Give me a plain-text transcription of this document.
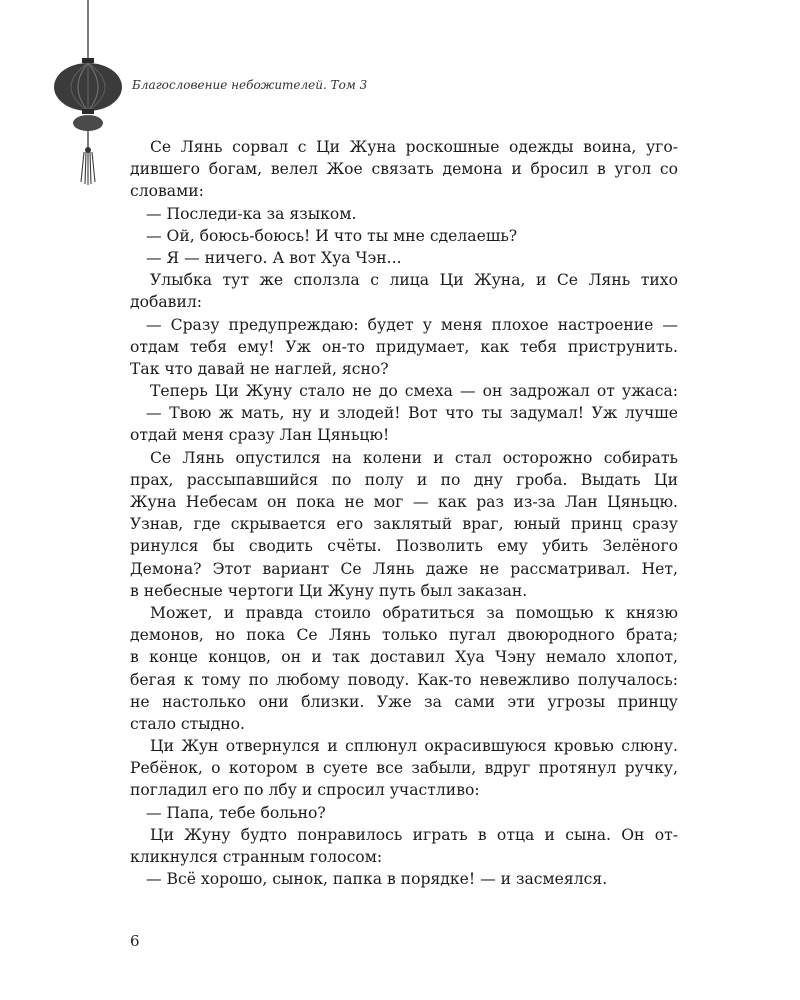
Благословение небожителей. Том 3
Се Лянь сорвал с Ци Жуна роскошные одежды воина, уго-
дившего богам, велел Жое связать демона и бросил в угол со
словами:
— Последи-ка за языком.
— Ой, боюсь-боюсь! И что ты мне сделаешь?
— Я — ничего. А вот Хуа Чэн...
Улыбка тут же сползла с лица Ци Жуна, и Се Лянь тихо
добавил:
— Сразу предупреждаю: будет у меня плохое настроение —
отдам тебя ему! Уж он-то придумает, как тебя приструнить.
Так что давай не наглей, ясно?
Теперь Ци Жуну стало не до смеха — он задрожал от ужаса:
— Твою ж мать, ну и злодей! Вот что ты задумал! Уж лучше
отдай меня сразу Лан Цяньцю!
Се Лянь опустился на колени и стал осторожно собирать
прах, рассыпавшийся по полу и по дну гроба. Выдать Ци
Жуна Небесам он пока не мог — как раз из-за Лан Цяньцю.
Узнав, где скрывается его заклятый враг, юный принц сразу
ринулся бы сводить счёты. Позволить ему убить Зелёного
Демона? Этот вариант Се Лянь даже не рассматривал. Нет,
в небесные чертоги Ци Жуну путь был заказан.
Может, и правда стоило обратиться за помощью к князю
демонов, но пока Се Лянь только пугал двоюродного брата;
в конце концов, он и так доставил Хуа Чэну немало хлопот,
бегая к тому по любому поводу. Как-то невежливо получалось:
не настолько они близки. Уже за сами эти угрозы принцу
стало стыдно.
Ци Жун отвернулся и сплюнул окрасившуюся кровью слюну.
Ребёнок, о котором в суете все забыли, вдруг протянул ручку,
погладил его по лбу и спросил участливо:
— Папа, тебе больно?
Ци Жуну будто понравилось играть в отца и сына. Он от-
кликнулся странным голосом:
— Всё хорошо, сынок, папка в порядке! — и засмеялся.
6
